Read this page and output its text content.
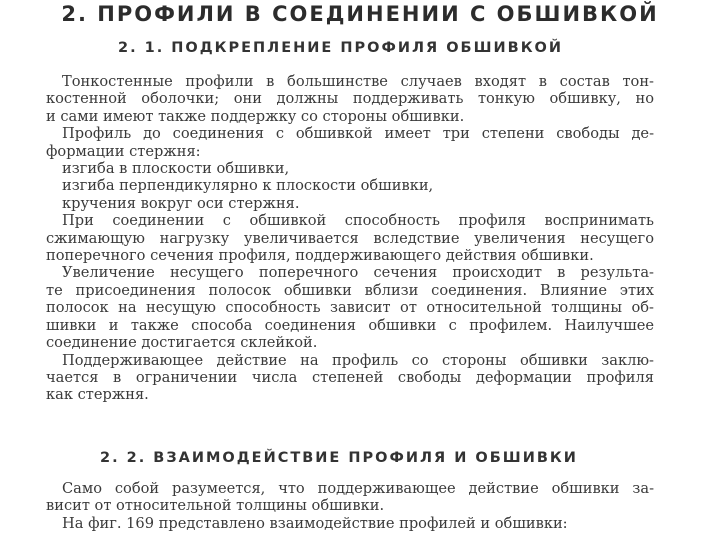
2. ПРОФИЛИ В СОЕДИНЕНИИ С ОБШИВКОЙ
2. 1. ПОДКРЕПЛЕНИЕ ПРОФИЛЯ ОБШИВКОЙ
Тонкостенные профили в большинстве случаев входят в состав тон-
костенной оболочки; они должны поддерживать тонкую обшивку, но
и сами имеют также поддержку со стороны обшивки.
Профиль до соединения с обшивкой имеет три степени свободы де-
формации стержня:
изгиба в плоскости обшивки,
изгиба перпендикулярно к плоскости обшивки,
кручения вокруг оси стержня.
При соединении с обшивкой способность профиля воспринимать
сжимающую нагрузку увеличивается вследствие увеличения несущего
поперечного сечения профиля, поддерживающего действия обшивки.
Увеличение несущего поперечного сечения происходит в результа-
те присоединения полосок обшивки вблизи соединения. Влияние этих
полосок на несущую способность зависит от относительной толщины об-
шивки и также способа соединения обшивки с профилем. Наилучшее
соединение достигается склейкой.
Поддерживающее действие на профиль со стороны обшивки заклю-
чается в ограничении числа степеней свободы деформации профиля
как стержня.
2. 2. ВЗАИМОДЕЙСТВИЕ ПРОФИЛЯ И ОБШИВКИ
Само собой разумеется, что поддерживающее действие обшивки за-
висит от относительной толщины обшивки.
На фиг. 169 представлено взаимодействие профилей и обшивки:
